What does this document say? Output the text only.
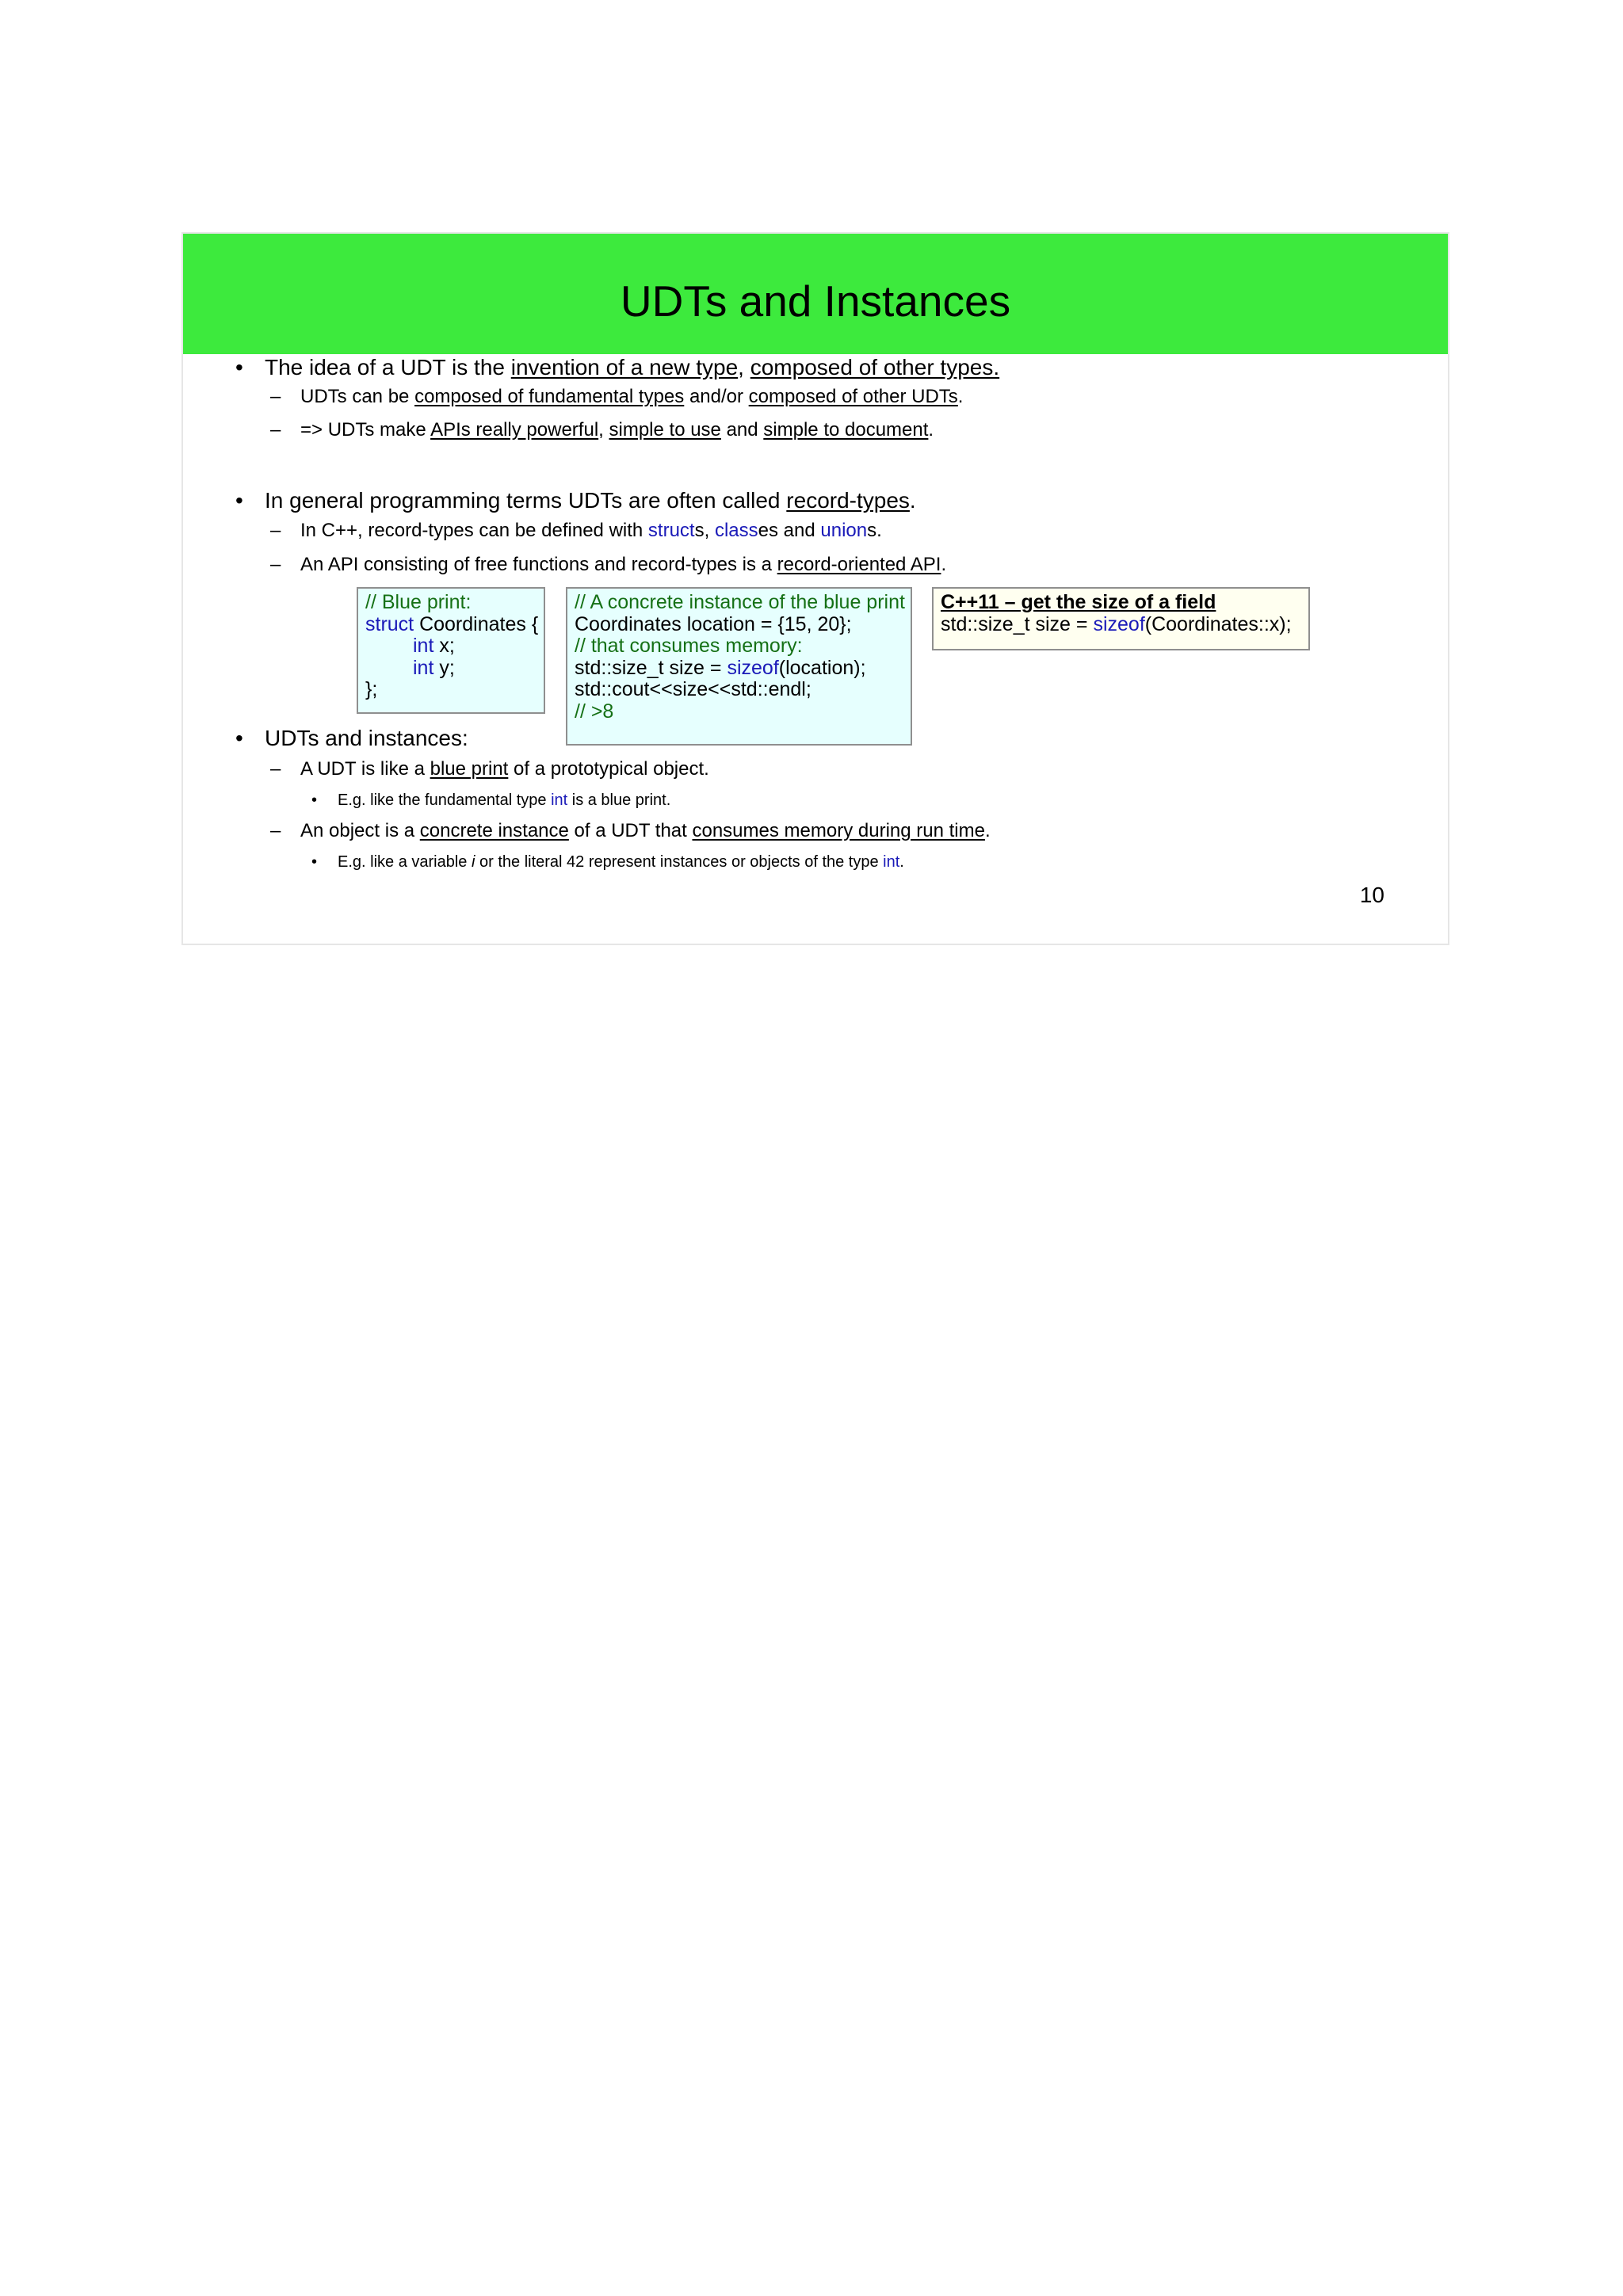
UDTs and Instances
• The idea of a UDT is the invention of a new type, composed of other types.
– UDTs can be composed of fundamental types and/or composed of other UDTs.
– => UDTs make APIs really powerful, simple to use and simple to document.
• In general programming terms UDTs are often called record-types.
– In C++, record-types can be defined with structs, classes and unions.
– An API consisting of free functions and record-types is a record-oriented API.
// Blue print:
struct Coordinates {
int x;
int y;
};
// A concrete instance of the blue print
Coordinates location = {15, 20};
// that consumes memory:
std::size_t size = sizeof(location);
std::cout<<size<<std::endl;
// >8
C++11 – get the size of a field
std::size_t size = sizeof(Coordinates::x);
• UDTs and instances:
– A UDT is like a blue print of a prototypical object.
• E.g. like the fundamental type int is a blue print.
– An object is a concrete instance of a UDT that consumes memory during run time.
• E.g. like a variable i or the literal 42 represent instances or objects of the type int.
10
